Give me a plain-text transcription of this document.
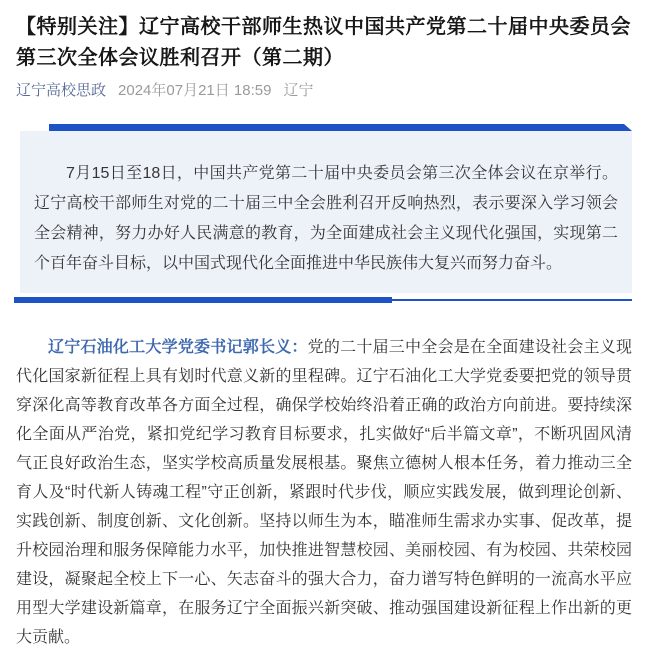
【特别关注】辽宁高校干部师生热议中国共产党第二十届中央委员会第三次全体会议胜利召开（第二期）
辽宁高校思政 2024年07月21日 18:59 辽宁
7月15日至18日，中国共产党第二十届中央委员会第三次全体会议在京举行。辽宁高校干部师生对党的二十届三中全会胜利召开反响热烈，表示要深入学习领会全会精神，努力办好人民满意的教育，为全面建成社会主义现代化强国，实现第二个百年奋斗目标，以中国式现代化全面推进中华民族伟大复兴而努力奋斗。

辽宁石油化工大学党委书记郭长义：党的二十届三中全会是在全面建设社会主义现代化国家新征程上具有划时代意义新的里程碑。辽宁石油化工大学党委要把党的领导贯穿深化高等教育改革各方面全过程，确保学校始终沿着正确的政治方向前进。要持续深化全面从严治党，紧扣党纪学习教育目标要求，扎实做好“后半篇文章”，不断巩固风清气正良好政治生态，坚实学校高质量发展根基。聚焦立德树人根本任务，着力推动三全育人及“时代新人铸魂工程”守正创新，紧跟时代步伐，顺应实践发展，做到理论创新、实践创新、制度创新、文化创新。坚持以师生为本，瞄准师生需求办实事、促改革，提升校园治理和服务保障能力水平，加快推进智慧校园、美丽校园、有为校园、共荣校园建设，凝聚起全校上下一心、矢志奋斗的强大合力，奋力谱写特色鲜明的一流高水平应用型大学建设新篇章，在服务辽宁全面振兴新突破、推动强国建设新征程上作出新的更大贡献。
